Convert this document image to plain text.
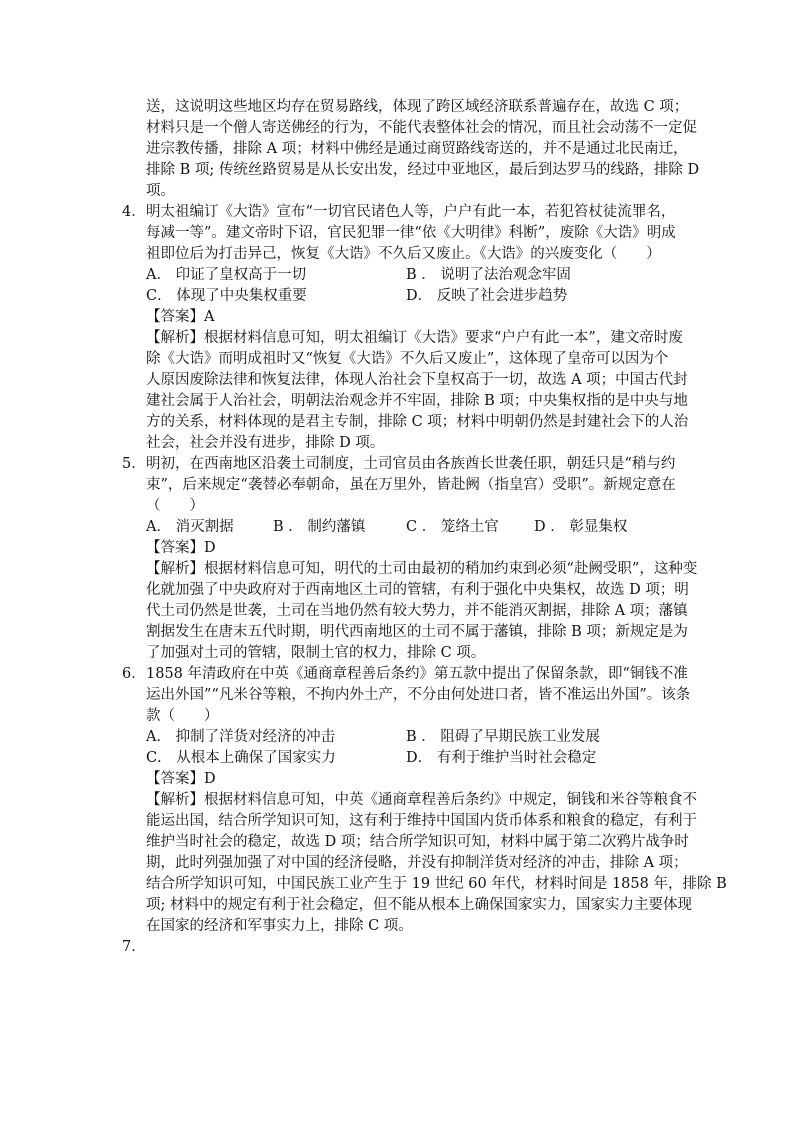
送，这说明这些地区均存在贸易路线，体现了跨区域经济联系普遍存在，故选 C 项；
材料只是一个僧人寄送佛经的行为，不能代表整体社会的情况，而且社会动荡不一定促
进宗教传播，排除 A 项；材料中佛经是通过商贸路线寄送的，并不是通过北民南迁，
排除 B 项; 传统丝路贸易是从长安出发，经过中亚地区，最后到达罗马的线路，排除 D
项。
4． 明太祖编订《大诰》宣布“一切官民诸色人等，户户有此一本，若犯笞杖徒流罪名，
每减一等”。建文帝时下诏，官民犯罪一律“依《大明律》科断”，废除《大诰》明成
祖即位后为打击异己，恢复《大诰》不久后又废止。《大诰》的兴废变化（　　）
A． 印证了皇权高于一切	B ． 说明了法治观念牢固
C． 体现了中央集权重要	D． 反映了社会进步趋势
【答案】A
【解析】根据材料信息可知，明太祖编订《大诰》要求“户户有此一本”，建文帝时废
除《大诰》而明成祖时又“恢复《大诰》不久后又废止”，这体现了皇帝可以因为个
人原因废除法律和恢复法律，体现人治社会下皇权高于一切，故选 A 项；中国古代封
建社会属于人治社会，明朝法治观念并不牢固，排除 B 项；中央集权指的是中央与地
方的关系，材料体现的是君主专制，排除 C 项；材料中明朝仍然是封建社会下的人治
社会，社会并没有进步，排除 D 项。
5． 明初，在西南地区沿袭土司制度，土司官员由各族酋长世袭任职，朝廷只是“稍与约
束”，后来规定“袭替必奉朝命，虽在万里外，皆赴阙（指皇宫）受职”。新规定意在
（　　）
A． 消灭割据	B ． 制约藩镇	C ． 笼络土官 D ． 彰显集权
【答案】D
【解析】根据材料信息可知，明代的土司由最初的稍加约束到必须“赴阙受职”，这种变
化就加强了中央政府对于西南地区土司的管辖，有利于强化中央集权，故选 D 项；明
代土司仍然是世袭，土司在当地仍然有较大势力，并不能消灭割据，排除 A 项；藩镇
割据发生在唐末五代时期，明代西南地区的土司不属于藩镇，排除 B 项；新规定是为
了加强对土司的管辖，限制土官的权力，排除 C 项。
6． 1858 年清政府在中英《通商章程善后条约》第五款中提出了保留条款，即“铜钱不准
运出外国”“凡米谷等粮，不拘内外土产，不分由何处进口者，皆不准运出外国”。该条
款（　　）
A． 抑制了洋货对经济的冲击	B ． 阻碍了早期民族工业发展
C． 从根本上确保了国家实力	D． 有利于维护当时社会稳定
【答案】D
【解析】根据材料信息可知，中英《通商章程善后条约》中规定，铜钱和米谷等粮食不
能运出国，结合所学知识可知，这有利于维持中国国内货币体系和粮食的稳定，有利于
维护当时社会的稳定，故选 D 项；结合所学知识可知，材料中属于第二次鸦片战争时
期，此时列强加强了对中国的经济侵略，并没有抑制洋货对经济的冲击，排除 A 项；
结合所学知识可知，中国民族工业产生于 19 世纪 60 年代，材料时间是 1858 年，排除 B
项; 材料中的规定有利于社会稳定，但不能从根本上确保国家实力，国家实力主要体现
在国家的经济和军事实力上，排除 C 项。
7．
